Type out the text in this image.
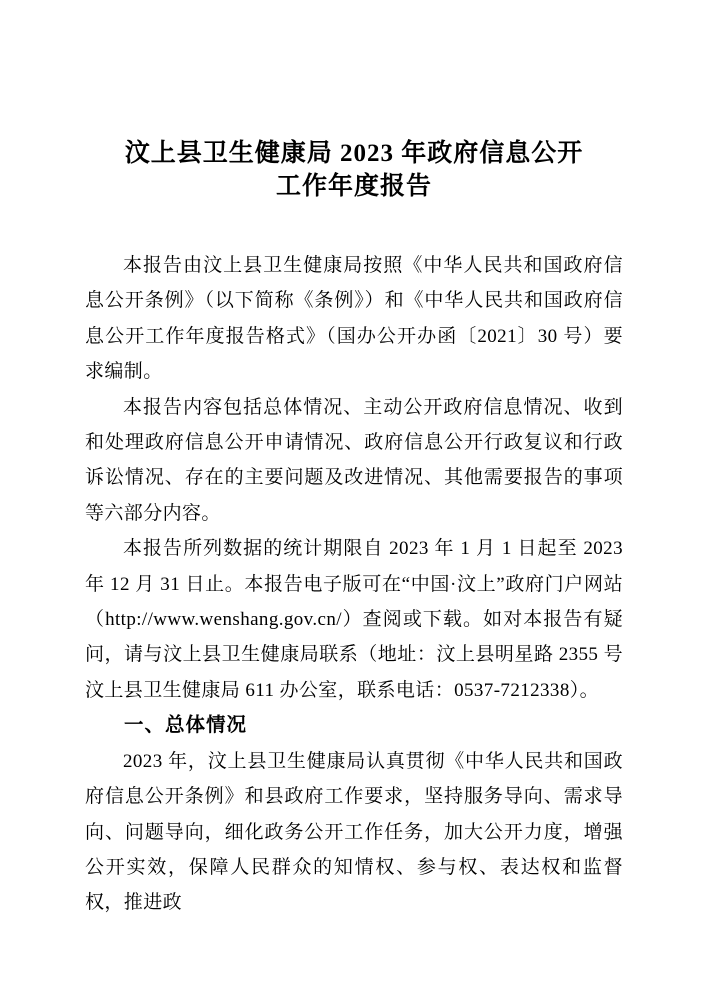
汶上县卫生健康局 2023 年政府信息公开
工作年度报告

本报告由汶上县卫生健康局按照《中华人民共和国政府信息公开条例》（以下简称《条例》）和《中华人民共和国政府信息公开工作年度报告格式》（国办公开办函〔2021〕30 号）要求编制。

本报告内容包括总体情况、主动公开政府信息情况、收到和处理政府信息公开申请情况、政府信息公开行政复议和行政诉讼情况、存在的主要问题及改进情况、其他需要报告的事项等六部分内容。

本报告所列数据的统计期限自 2023 年 1 月 1 日起至 2023 年 12 月 31 日止。本报告电子版可在“中国·汶上”政府门户网站（http://www.wenshang.gov.cn/）查阅或下载。如对本报告有疑问，请与汶上县卫生健康局联系（地址：汶上县明星路 2355 号 汶上县卫生健康局 611 办公室，联系电话：0537-7212338）。

一、总体情况

2023 年，汶上县卫生健康局认真贯彻《中华人民共和国政府信息公开条例》和县政府工作要求，坚持服务导向、需求导向、问题导向，细化政务公开工作任务，加大公开力度，增强公开实效，保障人民群众的知情权、参与权、表达权和监督权，推进政
